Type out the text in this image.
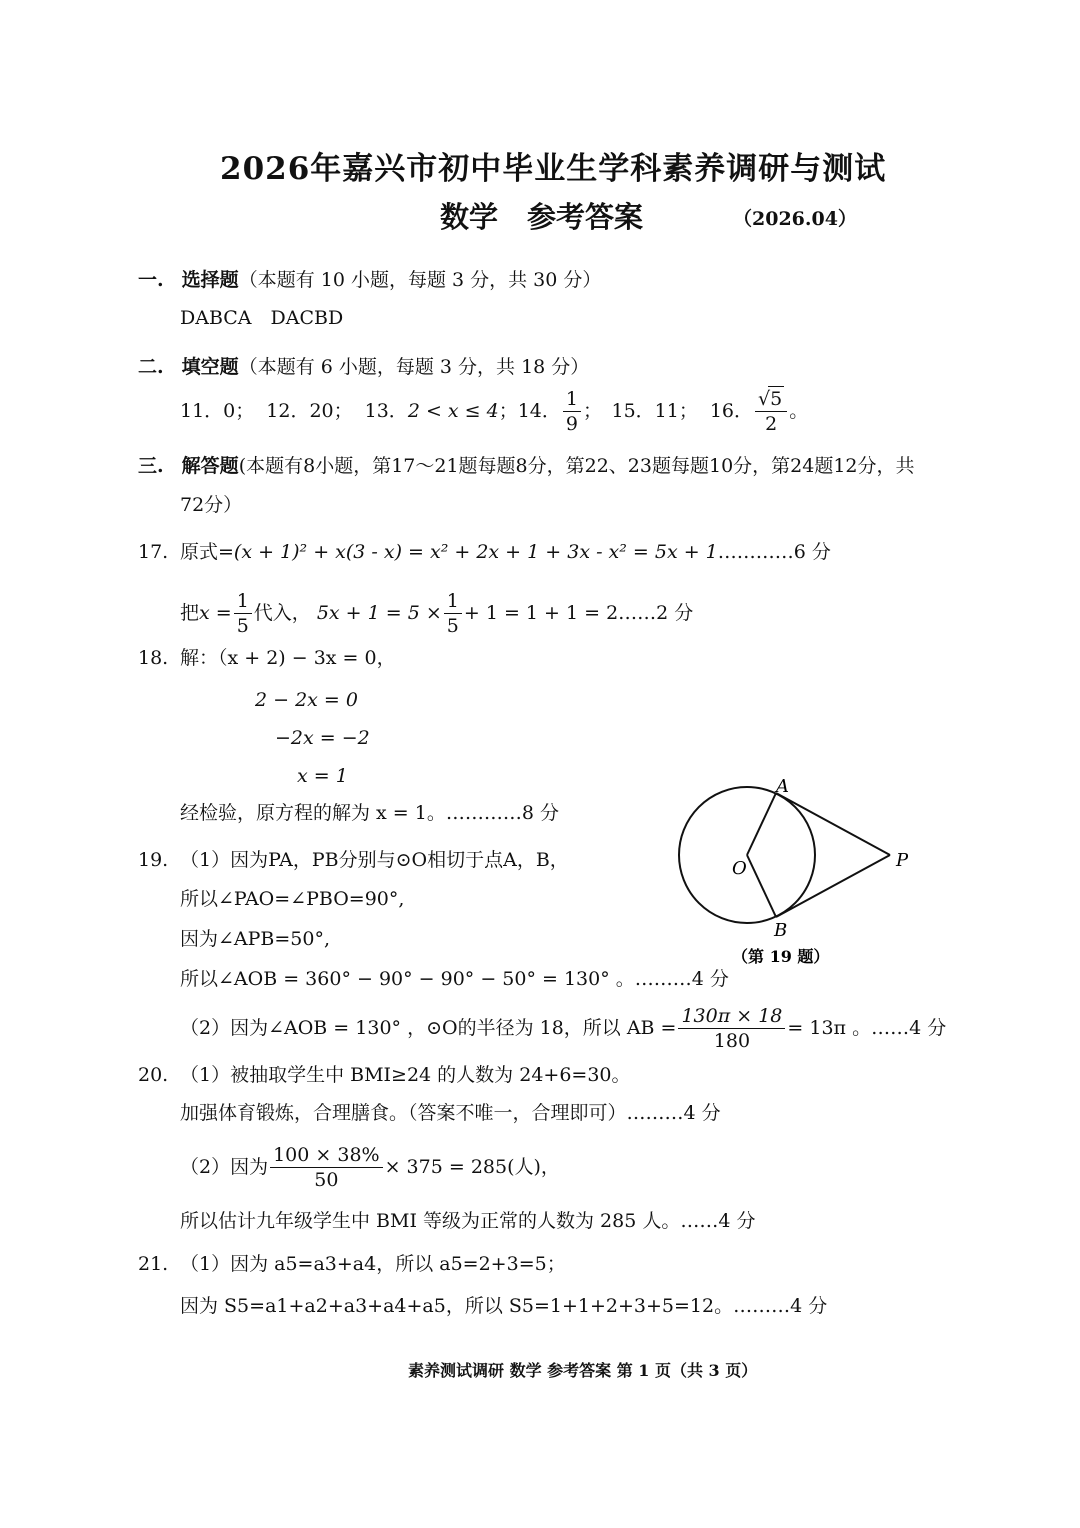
2026年嘉兴市初中毕业生学科素养调研与测试
数学　参考答案	（2026.04）
一. 选择题（本题有 10 小题，每题 3 分，共 30 分）
DABCA　DACBD
二. 填空题（本题有 6 小题，每题 3 分，共 18 分）
11．0； 12．20； 13． 2 < x ≤ 4 ；14． $\frac{1}{9}$ ；　15．11； 16． $\frac{√5}{2}$ 。
三. 解答题(本题有8小题，第17～21题每题8分，第22、23题每题10分，第24题12分，共
72分）
17. 原式=(x + 1)² + x(3 - x) = x² + 2x + 1 + 3x - x² = 5x + 1…………6 分
把 $x = \frac{1}{5}$ 代入， $5x + 1 = 5 \times \frac{1}{5} + 1 = 1 + 1 = 2$ ……2 分
18. 解：（x + 2) − 3x = 0，
2 − 2x = 0
−2x = −2
x = 1
经检验，原方程的解为 x = 1。…………8 分
A
B
O	P
（第 19 题）
19. （1）因为PA，PB分别与⊙O相切于点A，B，
所以∠PAO=∠PBO=90°,
因为∠APB=50°,
所以∠AOB = 360° − 90° − 90° − 50° = 130° 。………4 分
（2）因为∠AOB = 130° ，⊙O的半径为 18，所以 AB = $\frac{130\pi \times 18}{180} = 13\pi$ 。……4 分
20. （1）被抽取学生中 BMI≥24 的人数为 24+6=30。
加强体育锻炼，合理膳食。（答案不唯一，合理即可）………4 分
（2）因为 $\frac{100 \times 38\%}{50} \times 375 = 285$(人)，
所以估计九年级学生中 BMI 等级为正常的人数为 285 人。……4 分
21. （1）因为 a5=a3+a4，所以 a5=2+3=5；
因为 S5=a1+a2+a3+a4+a5，所以 S5=1+1+2+3+5=12。………4 分
素养测试调研 数学 参考答案 第 1 页（共 3 页）
